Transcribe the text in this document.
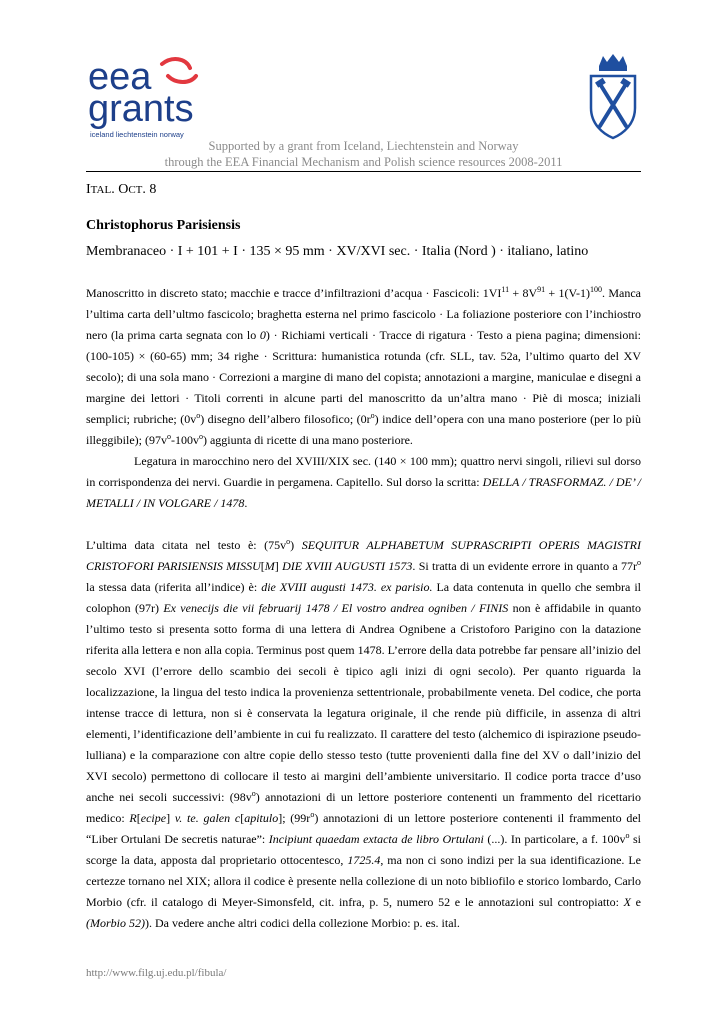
eea
grants
iceland liechtenstein norway
Supported by a grant from Iceland, Liechtenstein and Norway
through the EEA Financial Mechanism and Polish science resources 2008-2011
ITAL. OCT. 8
Christophorus Parisiensis
Membranaceo · I + 101 + I · 135 × 95 mm · XV/XVI sec. · Italia (Nord ) · italiano, latino

Manoscritto in discreto stato; macchie e tracce d’infiltrazioni d’acqua · Fascicoli: $1VI^{11} + 8V^{91} + 1(V-1)^{100}$. Manca l’ultima carta dell’ultmo fascicolo; braghetta esterna nel primo fascicolo · La foliazione posteriore con l’inchiostro nero (la prima carta segnata con lo 0) · Richiami verticali · Tracce di rigatura · Testo a piena pagina; dimensioni: (100-105) × (60-65) mm; 34 righe · Scrittura: humanistica rotunda (cfr. SLL, tav. 52a, l’ultimo quarto del XV secolo); di una sola mano · Correzioni a margine di mano del copista; annotazioni a margine, maniculae e disegni a margine dei lettori · Titoli correnti in alcune parti del manoscritto da un’altra mano · Piè di mosca; iniziali semplici; rubriche; $(0v^o)$ disegno dell’albero filosofico; $(0r^o)$ indice dell’opera con una mano posteriore (per lo più illeggibile); $(97v^o-100v^o)$ aggiunta di ricette di una mano posteriore.

Legatura in marocchino nero del XVIII/XIX sec. (140 × 100 mm); quattro nervi singoli, rilievi sul dorso in corrispondenza dei nervi. Guardie in pergamena. Capitello. Sul dorso la scritta: DELLA / TRASFORMAZ. / DE’ / METALLI / IN VOLGARE / 1478.

L’ultima data citata nel testo è: $(75v^o)$ SEQUITUR ALPHABETUM SUPRASCRIPTI OPERIS MAGISTRI CRISTOFORI PARISIENSIS MISSU[M] DIE XVIII AUGUSTI 1573. Si tratta di un evidente errore in quanto a $77r^o$ la stessa data (riferita all’indice) è: die XVIII augusti 1473. ex parisio. La data contenuta in quello che sembra il colophon (97r) Ex venecijs die vii februarij 1478 / El vostro andrea ogniben / FINIS non è affidabile in quanto l’ultimo testo si presenta sotto forma di una lettera di Andrea Ognibene a Cristoforo Parigino con la datazione riferita alla lettera e non alla copia. Terminus post quem 1478. L’errore della data potrebbe far pensare all’inizio del secolo XVI (l’errore dello scambio dei secoli è tipico agli inizi di ogni secolo). Per quanto riguarda la localizzazione, la lingua del testo indica la provenienza settentrionale, probabilmente veneta. Del codice, che porta intense tracce di lettura, non si è conservata la legatura originale, il che rende più difficile, in assenza di altri elementi, l’identificazione dell’ambiente in cui fu realizzato. Il carattere del testo (alchemico di ispirazione pseudo-lulliana) e la comparazione con altre copie dello stesso testo (tutte provenienti dalla fine del XV o dall’inizio del XVI secolo) permettono di collocare il testo ai margini dell’ambiente universitario. Il codice porta tracce d’uso anche nei secoli successivi: $(98v^o)$ annotazioni di un lettore posteriore contenenti un frammento del ricettario medico: R[ecipe] v. te. galen c[apitulo]; $(99r^o)$ annotazioni di un lettore posteriore contenenti il frammento del “Liber Ortulani De secretis naturae”: Incipiunt quaedam extacta de libro Ortulani (...). In particolare, a f. $100v^o$ si scorge la data, apposta dal proprietario ottocentesco, 1725.4, ma non ci sono indizi per la sua identificazione. Le certezze tornano nel XIX; allora il codice è presente nella collezione di un noto bibliofilo e storico lombardo, Carlo Morbio (cfr. il catalogo di Meyer-Simonsfeld, cit. infra, p. 5, numero 52 e le annotazioni sul contropiatto: X e (Morbio 52)). Da vedere anche altri codici della collezione Morbio: p. es. ital.

http://www.filg.uj.edu.pl/fibula/
